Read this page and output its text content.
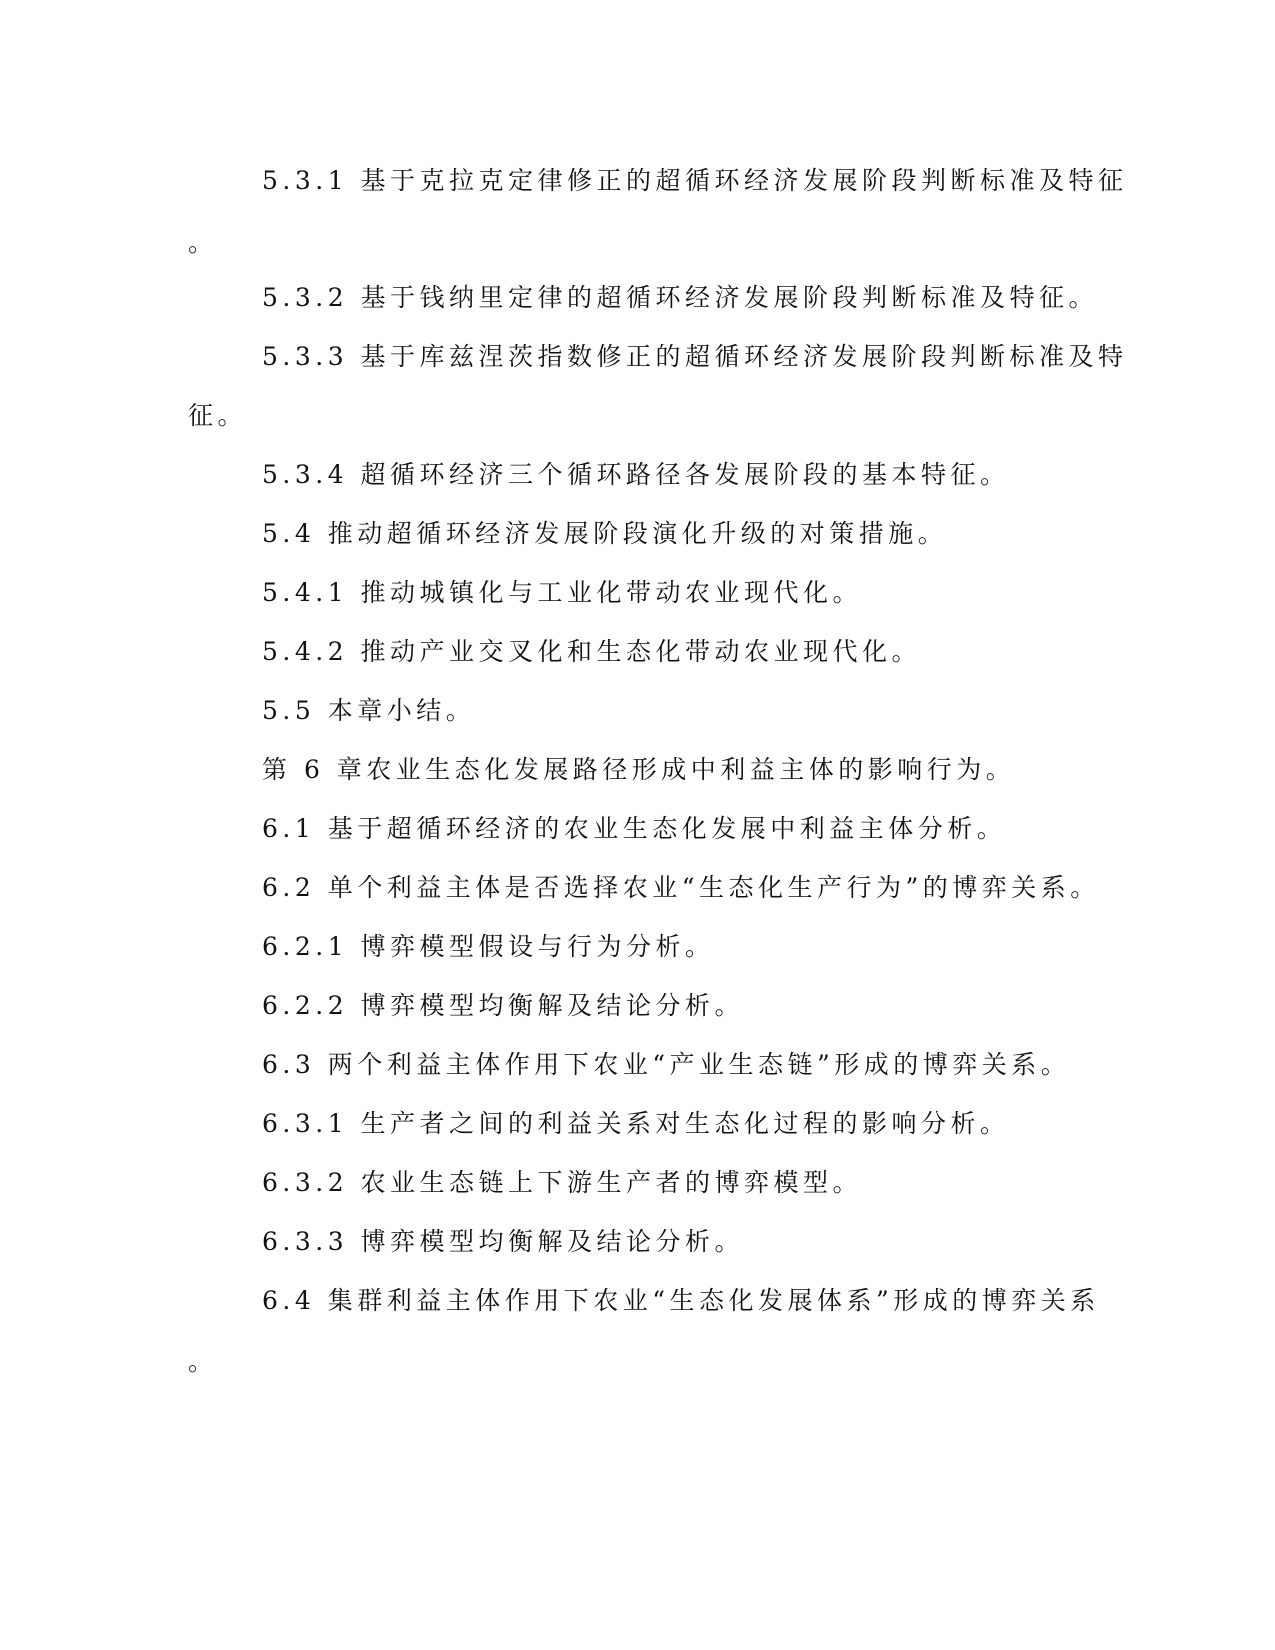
5.3.1 基于克拉克定律修正的超循环经济发展阶段判断标准及特征
。
5.3.2 基于钱纳里定律的超循环经济发展阶段判断标准及特征。
5.3.3 基于库兹涅茨指数修正的超循环经济发展阶段判断标准及特
征。
5.3.4 超循环经济三个循环路径各发展阶段的基本特征。
5.4 推动超循环经济发展阶段演化升级的对策措施。
5.4.1 推动城镇化与工业化带动农业现代化。
5.4.2 推动产业交叉化和生态化带动农业现代化。
5.5 本章小结。
第 6 章农业生态化发展路径形成中利益主体的影响行为。
6.1 基于超循环经济的农业生态化发展中利益主体分析。
6.2 单个利益主体是否选择农业“生态化生产行为”的博弈关系。
6.2.1 博弈模型假设与行为分析。
6.2.2 博弈模型均衡解及结论分析。
6.3 两个利益主体作用下农业“产业生态链”形成的博弈关系。
6.3.1 生产者之间的利益关系对生态化过程的影响分析。
6.3.2 农业生态链上下游生产者的博弈模型。
6.3.3 博弈模型均衡解及结论分析。
6.4 集群利益主体作用下农业“生态化发展体系”形成的博弈关系
。
